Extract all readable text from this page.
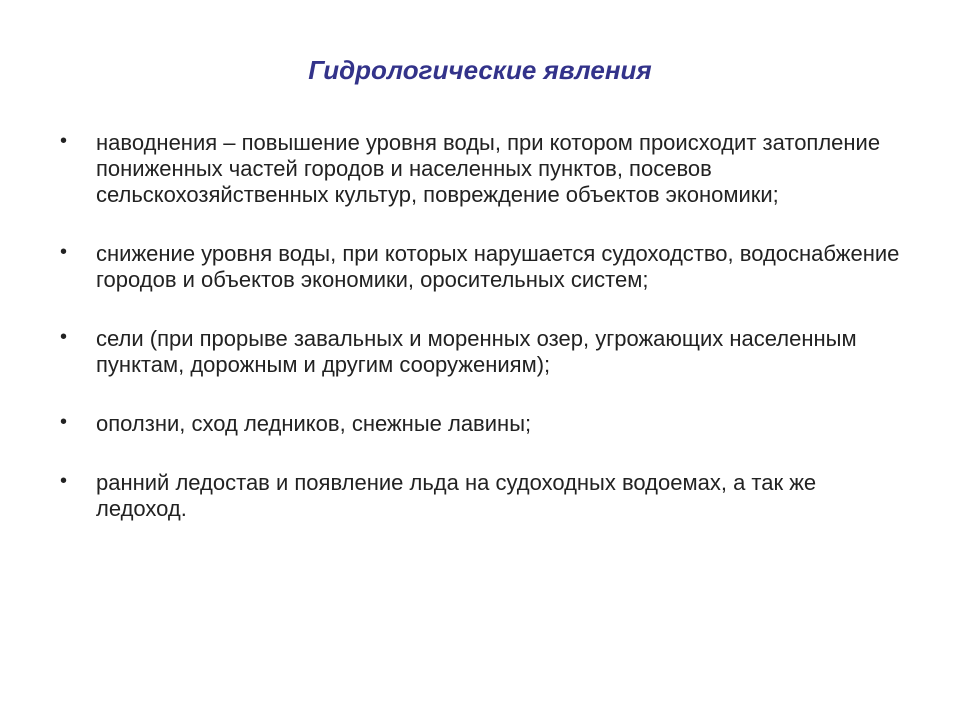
Гидрологические явления
• наводнения – повышение уровня воды, при котором происходит затопление пониженных частей городов и населенных пунктов, посевов сельскохозяйственных культур, повреждение объектов экономики;
• снижение уровня воды, при которых нарушается судоходство, водоснабжение городов и объектов экономики, оросительных систем;
• сели (при прорыве завальных и моренных озер, угрожающих населенным пунктам, дорожным и другим сооружениям);
• оползни, сход ледников, снежные лавины;
• ранний ледостав и появление льда на судоходных водоемах, а так же ледоход.
